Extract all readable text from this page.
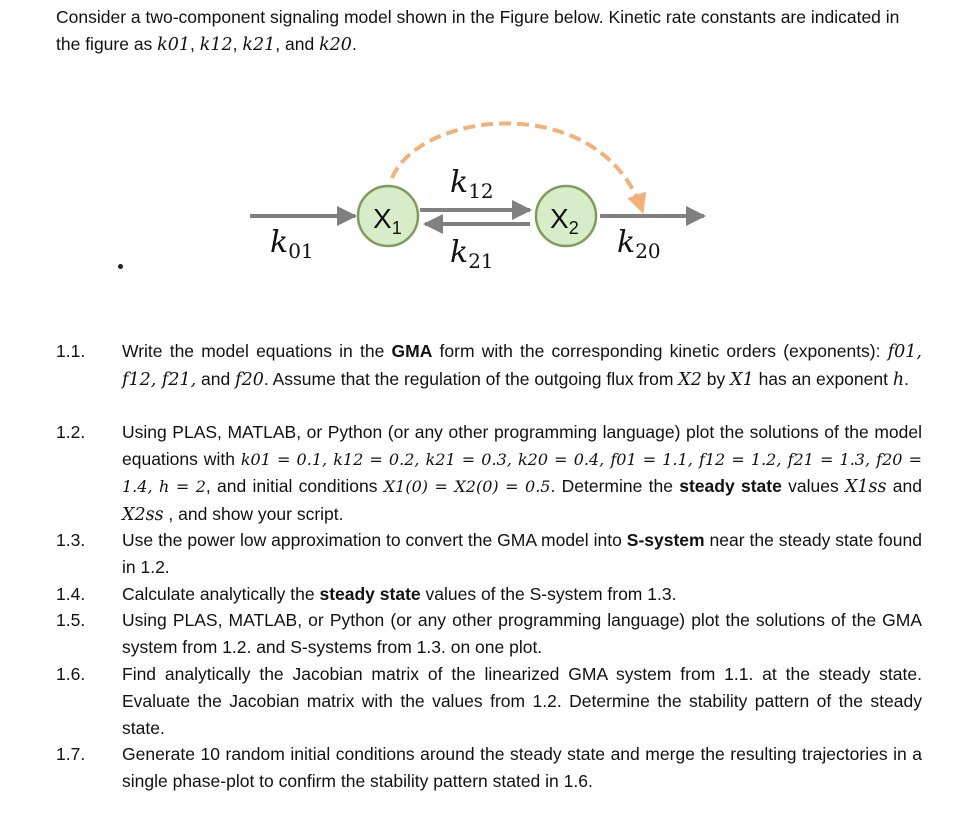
Consider a two-component signaling model shown in the Figure below. Kinetic rate constants are indicated in the figure as k01, k12, k21, and k20.
$X_1$	$X_2$
$k_{12}$
$k_{21}$
$k_{01}$	$k_{20}$
1.1.	Write the model equations in the GMA form with the corresponding kinetic orders (exponents): f01, f12, f21, and f20. Assume that the regulation of the outgoing flux from X2 by X1 has an exponent h.
1.2.	Using PLAS, MATLAB, or Python (or any other programming language) plot the solutions of the model equations with k01 = 0.1, k12 = 0.2, k21 = 0.3, k20 = 0.4, f01 = 1.1, f12 = 1.2, f21 = 1.3, f20 = 1.4, h = 2, and initial conditions X1(0) = X2(0) = 0.5. Determine the steady state values X1ss and X2ss , and show your script.
1.3.	Use the power low approximation to convert the GMA model into S-system near the steady state found in 1.2.
1.4.	Calculate analytically the steady state values of the S-system from 1.3.
1.5.	Using PLAS, MATLAB, or Python (or any other programming language) plot the solutions of the GMA system from 1.2. and S-systems from 1.3. on one plot.
1.6.	Find analytically the Jacobian matrix of the linearized GMA system from 1.1. at the steady state. Evaluate the Jacobian matrix with the values from 1.2. Determine the stability pattern of the steady state.
1.7.	Generate 10 random initial conditions around the steady state and merge the resulting trajectories in a single phase-plot to confirm the stability pattern stated in 1.6.
